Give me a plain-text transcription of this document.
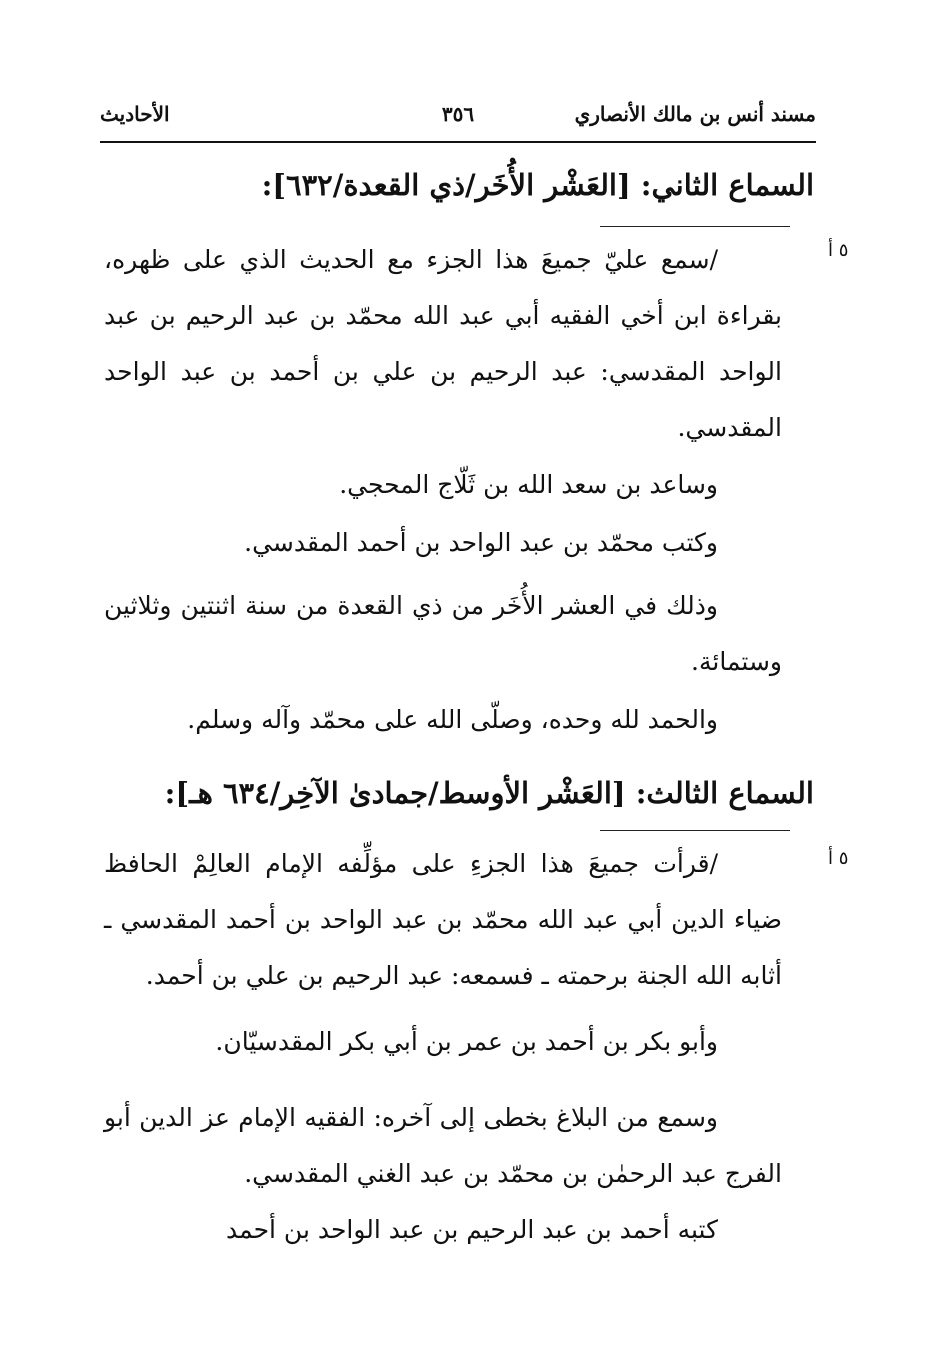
مسند أنس بن مالك الأنصاري
٣٥٦
الأحاديث
السماع الثاني: [العَشْر الأُخَر/ذي القعدة/٦٣٢]:
٥ أ
/سمع عليّ جميعَ هذا الجزء مع الحديث الذي على ظهره، بقراءة ابن أخي الفقيه أبي عبد الله محمّد بن عبد الرحيم بن عبد الواحد المقدسي: عبد الرحيم بن علي بن أحمد بن عبد الواحد المقدسي.
وساعد بن سعد الله بن ثَلّاج المحجي.
وكتب محمّد بن عبد الواحد بن أحمد المقدسي.
وذلك في العشر الأُخَر من ذي القعدة من سنة اثنتين وثلاثين وستمائة.
والحمد لله وحده، وصلّى الله على محمّد وآله وسلم.
السماع الثالث: [العَشْر الأوسط/جمادىٰ الآخِر/٦٣٤ هـ]:
٥ أ
/قرأت جميعَ هذا الجزءِ على مؤلِّفه الإمام العالِمْ الحافظ ضياء الدين أبي عبد الله محمّد بن عبد الواحد بن أحمد المقدسي ـ أثابه الله الجنة برحمته ـ فسمعه: عبد الرحيم بن علي بن أحمد.
وأبو بكر بن أحمد بن عمر بن أبي بكر المقدسيّان.
وسمع من البلاغ بخطى إلى آخره: الفقيه الإمام عز الدين أبو الفرج عبد الرحمٰن بن محمّد بن عبد الغني المقدسي.
كتبه أحمد بن عبد الرحيم بن عبد الواحد بن أحمد
